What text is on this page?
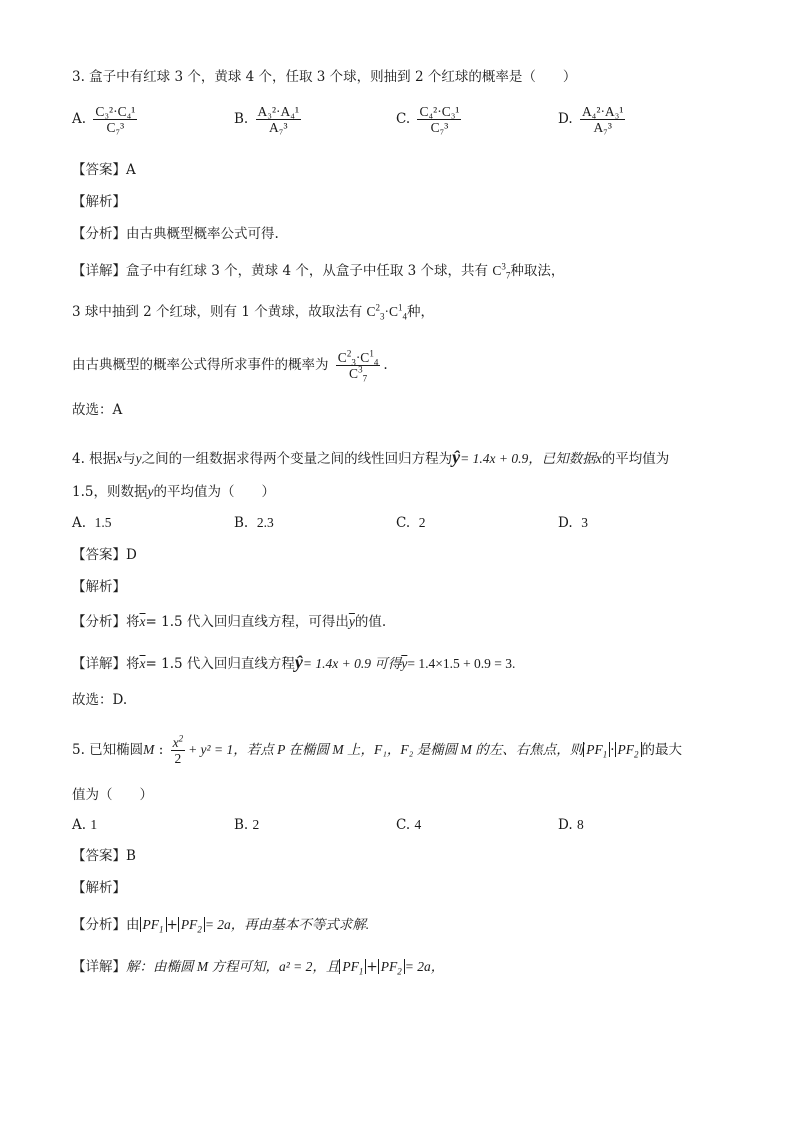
3. 盒子中有红球 3 个，黄球 4 个，任取 3 个球，则抽到 2 个红球的概率是（　　）
A. $\frac{\text{C₃²·C₄¹}}{\text{C₇³}}$	B. $\frac{\text{A₃²·A₄¹}}{\text{A₇³}}$	C. $\frac{\text{C₄²·C₃¹}}{\text{C₇³}}$	D. $\frac{\text{A₄²·A₃¹}}{\text{A₇³}}$
【答案】A
【解析】
【分析】由古典概型概率公式可得.
【详解】盒子中有红球 3 个，黄球 4 个，从盒子中任取 3 个球，共有 $C^3_7$种取法，
3 球中抽到 2 个红球，则有 1 个黄球，故取法有 $C^2_3\cdot C^1_4$种，
由古典概型的概率公式得所求事件的概率为 $\frac{C^2_3\cdot C^1_4}{C^3_7}$ .
故选：A
4. 根据x与y之间的一组数据求得两个变量之间的线性回归方程为ŷ= 1.4x + 0.9，已知数据x的平均值为
1.5，则数据y的平均值为（　　）
A. 1.5	B. 2.3	C. 2	D. 3
【答案】D
【解析】
【分析】将$\overline{x}= 1.5$ 代入回归直线方程，可得出$\overline{y}$的值.
【详解】将$\overline{x}= 1.5$ 代入回归直线方程ŷ= 1.4x + 0.9 可得$\overline{y}= 1.4\times 1.5 + 0.9 = 3$.
故选：D.
5. 已知椭圆M : $\frac{x^2}{2} + y^2 = 1$，若点 P 在椭圆 M 上，F₁，F₂ 是椭圆 M 的左、右焦点，则 $PF_1 \cdot PF_2$ 的最大
值为（　　）
A. 1	B. 2	C. 4	D. 8
【答案】B
【解析】
【分析】由 $PF_1 + PF_2 = 2a$，再由基本不等式求解.
【详解】解：由椭圆 M 方程可知，a² = 2，且 $PF_1 + PF_2 = 2a$，
